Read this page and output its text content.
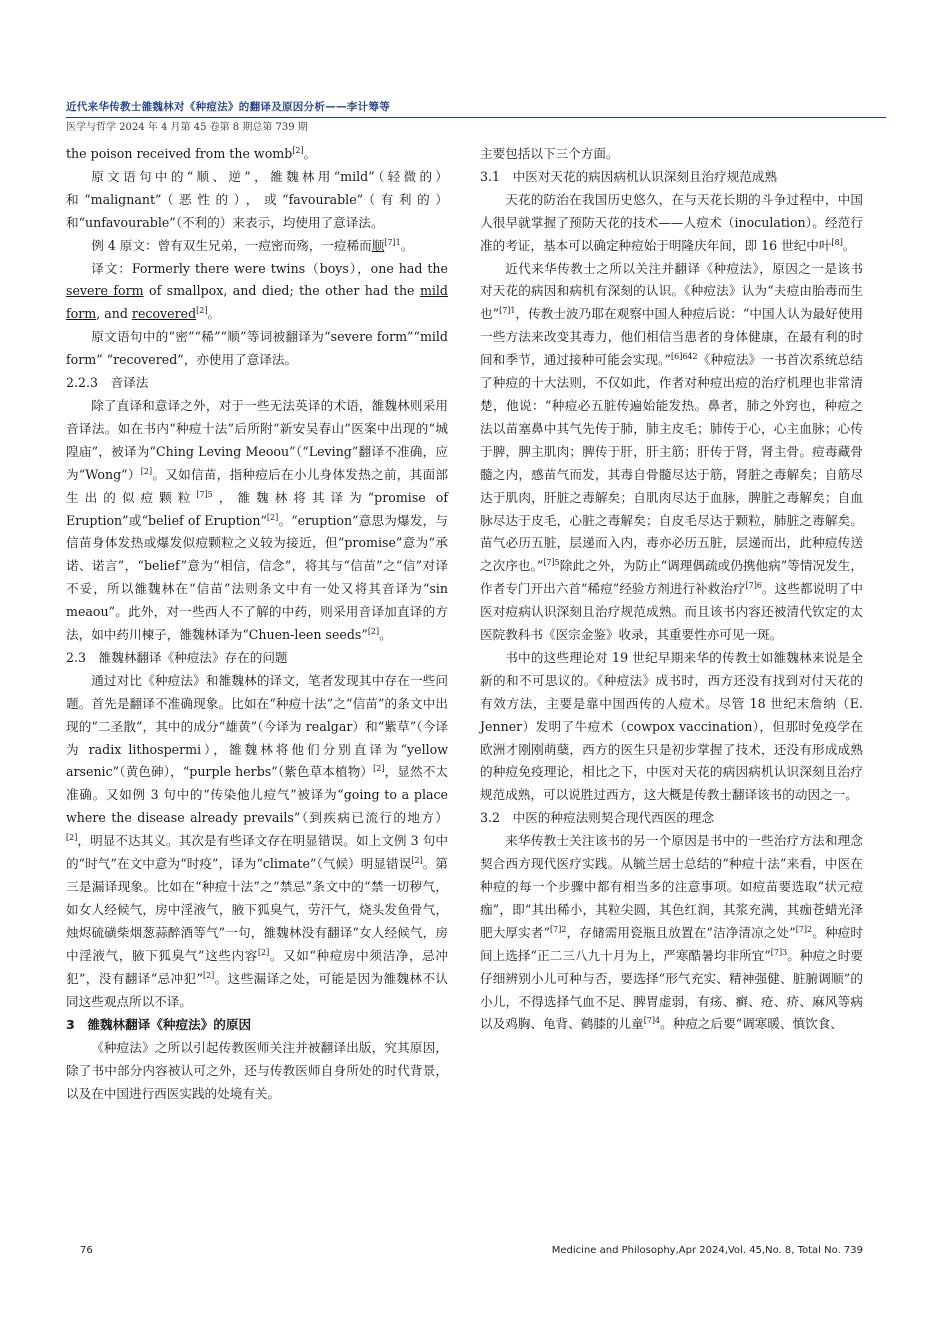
近代来华传教士雒魏林对《种痘法》的翻译及原因分析——李计筹等
医学与哲学 2024 年 4 月第 45 卷第 8 期总第 739 期

the poison received from the womb[2]。

原文语句中的“顺、逆”，雒魏林用“mild”（轻微的）和“malignant”（恶性的），或“favourable”（有利的）和“unfavourable”（不利的）来表示，均使用了意译法。

例 4 原文：曾有双生兄弟，一痘密而殇，一痘稀而顺$^{[7]1}$。

译文：Formerly there were twins（boys），one had the severe form of smallpox, and died; the other had the mild form, and recovered[2]。

原文语句中的“密”“稀”“顺”等词被翻译为“severe form”“mild form” “recovered”，亦使用了意译法。

2.2.3　音译法

除了直译和意译之外，对于一些无法英译的术语，雒魏林则采用音译法。如在书内“种痘十法”后所附“新安吴春山”医案中出现的“城隍庙”，被译为“Ching Leving Meoou”（“Leving”翻译不准确，应为“Wong”）[2]。又如信苗，指种痘后在小儿身体发热之前，其面部生出的似痘颗粒$^{[7]5}$，雒魏林将其译为“promise of Eruption”或“belief of Eruption”[2]。“eruption”意思为爆发，与信苗身体发热或爆发似痘颗粒之义较为接近，但“promise”意为“承诺、诺言”，“belief”意为“相信，信念”，将其与“信苗”之“信”对译不妥，所以雒魏林在“信苗”法则条文中有一处又将其音译为“sin meaou”。此外，对一些西人不了解的中药，则采用音译加直译的方法，如中药川楝子，雒魏林译为“Chuen-leen seeds”[2]。

2.3　雒魏林翻译《种痘法》存在的问题

通过对比《种痘法》和雒魏林的译文，笔者发现其中存在一些问题。首先是翻译不准确现象。比如在“种痘十法”之“信苗”的条文中出现的“二圣散”，其中的成分“雄黄”（今译为 realgar）和“紫草”（今译为 radix lithospermi），雒魏林将他们分别直译为“yellow arsenic”（黄色砷），“purple herbs”（紫色草本植物）[2]，显然不太准确。又如例 3 句中的“传染他儿痘气”被译为“going to a place where the disease already prevails”（到疾病已流行的地方）[2]，明显不达其义。其次是有些译文存在明显错误。如上文例 3 句中的“时气”在文中意为“时疫”，译为“climate”（气候）明显错误[2]。第三是漏译现象。比如在“种痘十法”之“禁忌”条文中的“禁一切秽气，如女人经候气，房中淫液气，腋下狐臭气，劳汗气，烧头发鱼骨气，烛烬硫磺柴烟葱蒜醉酒等气”一句，雒魏林没有翻译“女人经候气，房中淫液气，腋下狐臭气”这些内容[2]。又如“种痘房中须洁净，忌冲犯”，没有翻译“忌冲犯”[2]。这些漏译之处，可能是因为雒魏林不认同这些观点所以不译。

3　雒魏林翻译《种痘法》的原因

《种痘法》之所以引起传教医师关注并被翻译出版，究其原因，除了书中部分内容被认可之外，还与传教医师自身所处的时代背景，以及在中国进行西医实践的处境有关。

主要包括以下三个方面。

3.1　中医对天花的病因病机认识深刻且治疗规范成熟

天花的防治在我国历史悠久，在与天花长期的斗争过程中，中国人很早就掌握了预防天花的技术——人痘术（inoculation）。经范行准的考证，基本可以确定种痘始于明隆庆年间，即 16 世纪中叶[8]。

近代来华传教士之所以关注并翻译《种痘法》，原因之一是该书对天花的病因和病机有深刻的认识。《种痘法》认为“夫痘由胎毒而生也”$^{[7]1}$，传教士波乃耶在观察中国人种痘后说：“中国人认为最好使用一些方法来改变其毒力，他们相信当患者的身体健康，在最有利的时间和季节，通过接种可能会实现。”$^{[6]642}$《种痘法》一书首次系统总结了种痘的十大法则，不仅如此，作者对种痘出痘的治疗机理也非常清楚，他说：“种痘必五脏传遍始能发热。鼻者，肺之外窍也，种痘之法以苗塞鼻中其气先传于肺，肺主皮毛；肺传于心，心主血脉；心传于脾，脾主肌肉；脾传于肝，肝主筋；肝传于肾，肾主骨。痘毒藏骨髓之内，感苗气而发，其毒自骨髓尽达于筋，肾脏之毒解矣；自筋尽达于肌肉，肝脏之毒解矣；自肌肉尽达于血脉，脾脏之毒解矣；自血脉尽达于皮毛，心脏之毒解矣；自皮毛尽达于颗粒，肺脏之毒解矣。苗气必历五脏，层递而入内，毒亦必历五脏，层递而出，此种痘传送之次序也。”$^{[7]5}$除此之外，为防止“调理偶疏或仍携他病”等情况发生，作者专门开出六首“稀痘”经验方剂进行补救治疗$^{[7]6}$。这些都说明了中医对痘病认识深刻且治疗规范成熟。而且该书内容还被清代钦定的太医院教科书《医宗金鉴》收录，其重要性亦可见一斑。

书中的这些理论对 19 世纪早期来华的传教士如雒魏林来说是全新的和不可思议的。《种痘法》成书时，西方还没有找到对付天花的有效方法，主要是靠中国西传的人痘术。尽管 18 世纪末詹纳（E. Jenner）发明了牛痘术（cowpox vaccination），但那时免疫学在欧洲才刚刚萌蘖，西方的医生只是初步掌握了技术，还没有形成成熟的种痘免疫理论，相比之下，中医对天花的病因病机认识深刻且治疗规范成熟，可以说胜过西方，这大概是传教士翻译该书的动因之一。

3.2　中医的种痘法则契合现代西医的理念

来华传教士关注该书的另一个原因是书中的一些治疗方法和理念契合西方现代医疗实践。从毓兰居士总结的“种痘十法”来看，中医在种痘的每一个步骤中都有相当多的注意事项。如痘苗要选取“状元痘痂”，即“其出稀小，其粒尖圆，其色红润，其浆充满，其痂苍蜡光泽肥大厚实者”$^{[7]2}$，存储需用瓷瓶且放置在“洁净清凉之处”$^{[7]2}$。种痘时间上选择“正二三八九十月为上，严寒酷暑均非所宜”$^{[7]3}$。种痘之时要仔细辨别小儿可种与否，要选择“形气充实、精神强健、脏腑调顺”的小儿，不得选择气血不足、脾胃虚弱，有疡、癣、疮、疥、麻风等病以及鸡胸、龟背、鹤膝的儿童$^{[7]4}$。种痘之后要“调寒暖、慎饮食、

76	Medicine and Philosophy,Apr 2024,Vol. 45,No. 8, Total No. 739
